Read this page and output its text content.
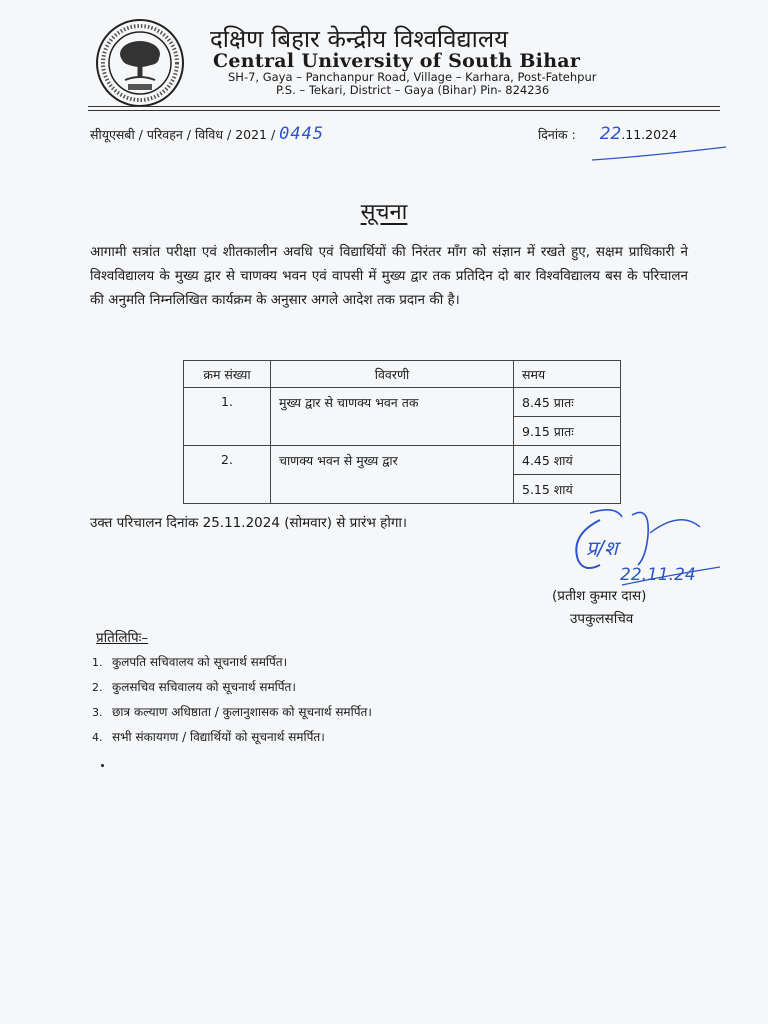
दक्षिण बिहार केन्द्रीय विश्वविद्यालय
Central University of South Bihar
SH-7, Gaya – Panchanpur Road, Village – Karhara, Post-Fatehpur
P.S. – Tekari, District – Gaya (Bihar) Pin- 824236
सीयूएसबी / परिवहन / विविध / 2021 / 0445	दिनांक : 22.11.2024
सूचना
आगामी सत्रांत परीक्षा एवं शीतकालीन अवधि एवं विद्यार्थियों की निरंतर माँग को संज्ञान में रखते हुए, सक्षम प्राधिकारी ने विश्वविद्यालय के मुख्य द्वार से चाणक्य भवन एवं वापसी में मुख्य द्वार तक प्रतिदिन दो बार विश्वविद्यालय बस के परिचालन की अनुमति निम्नलिखित कार्यक्रम के अनुसार अगले आदेश तक प्रदान की है।
क्रम संख्या	विवरणी	समय
1.	मुख्य द्वार से चाणक्य भवन तक	8.45 प्रातः
		9.15 प्रातः
2.	चाणक्य भवन से मुख्य द्वार	4.45 शायं
		5.15 शायं
उक्त परिचालन दिनांक 25.11.2024 (सोमवार) से प्रारंभ होगा।
प्र/श
22.11.24
(प्रतीश कुमार दास)
उपकुलसचिव
प्रतिलिपिः–
1. कुलपति सचिवालय को सूचनार्थ समर्पित।
2. कुलसचिव सचिवालय को सूचनार्थ समर्पित।
3. छात्र कल्याण अधिष्ठाता / कुलानुशासक को सूचनार्थ समर्पित।
4. सभी संकायगण / विद्यार्थियों को सूचनार्थ समर्पित।
